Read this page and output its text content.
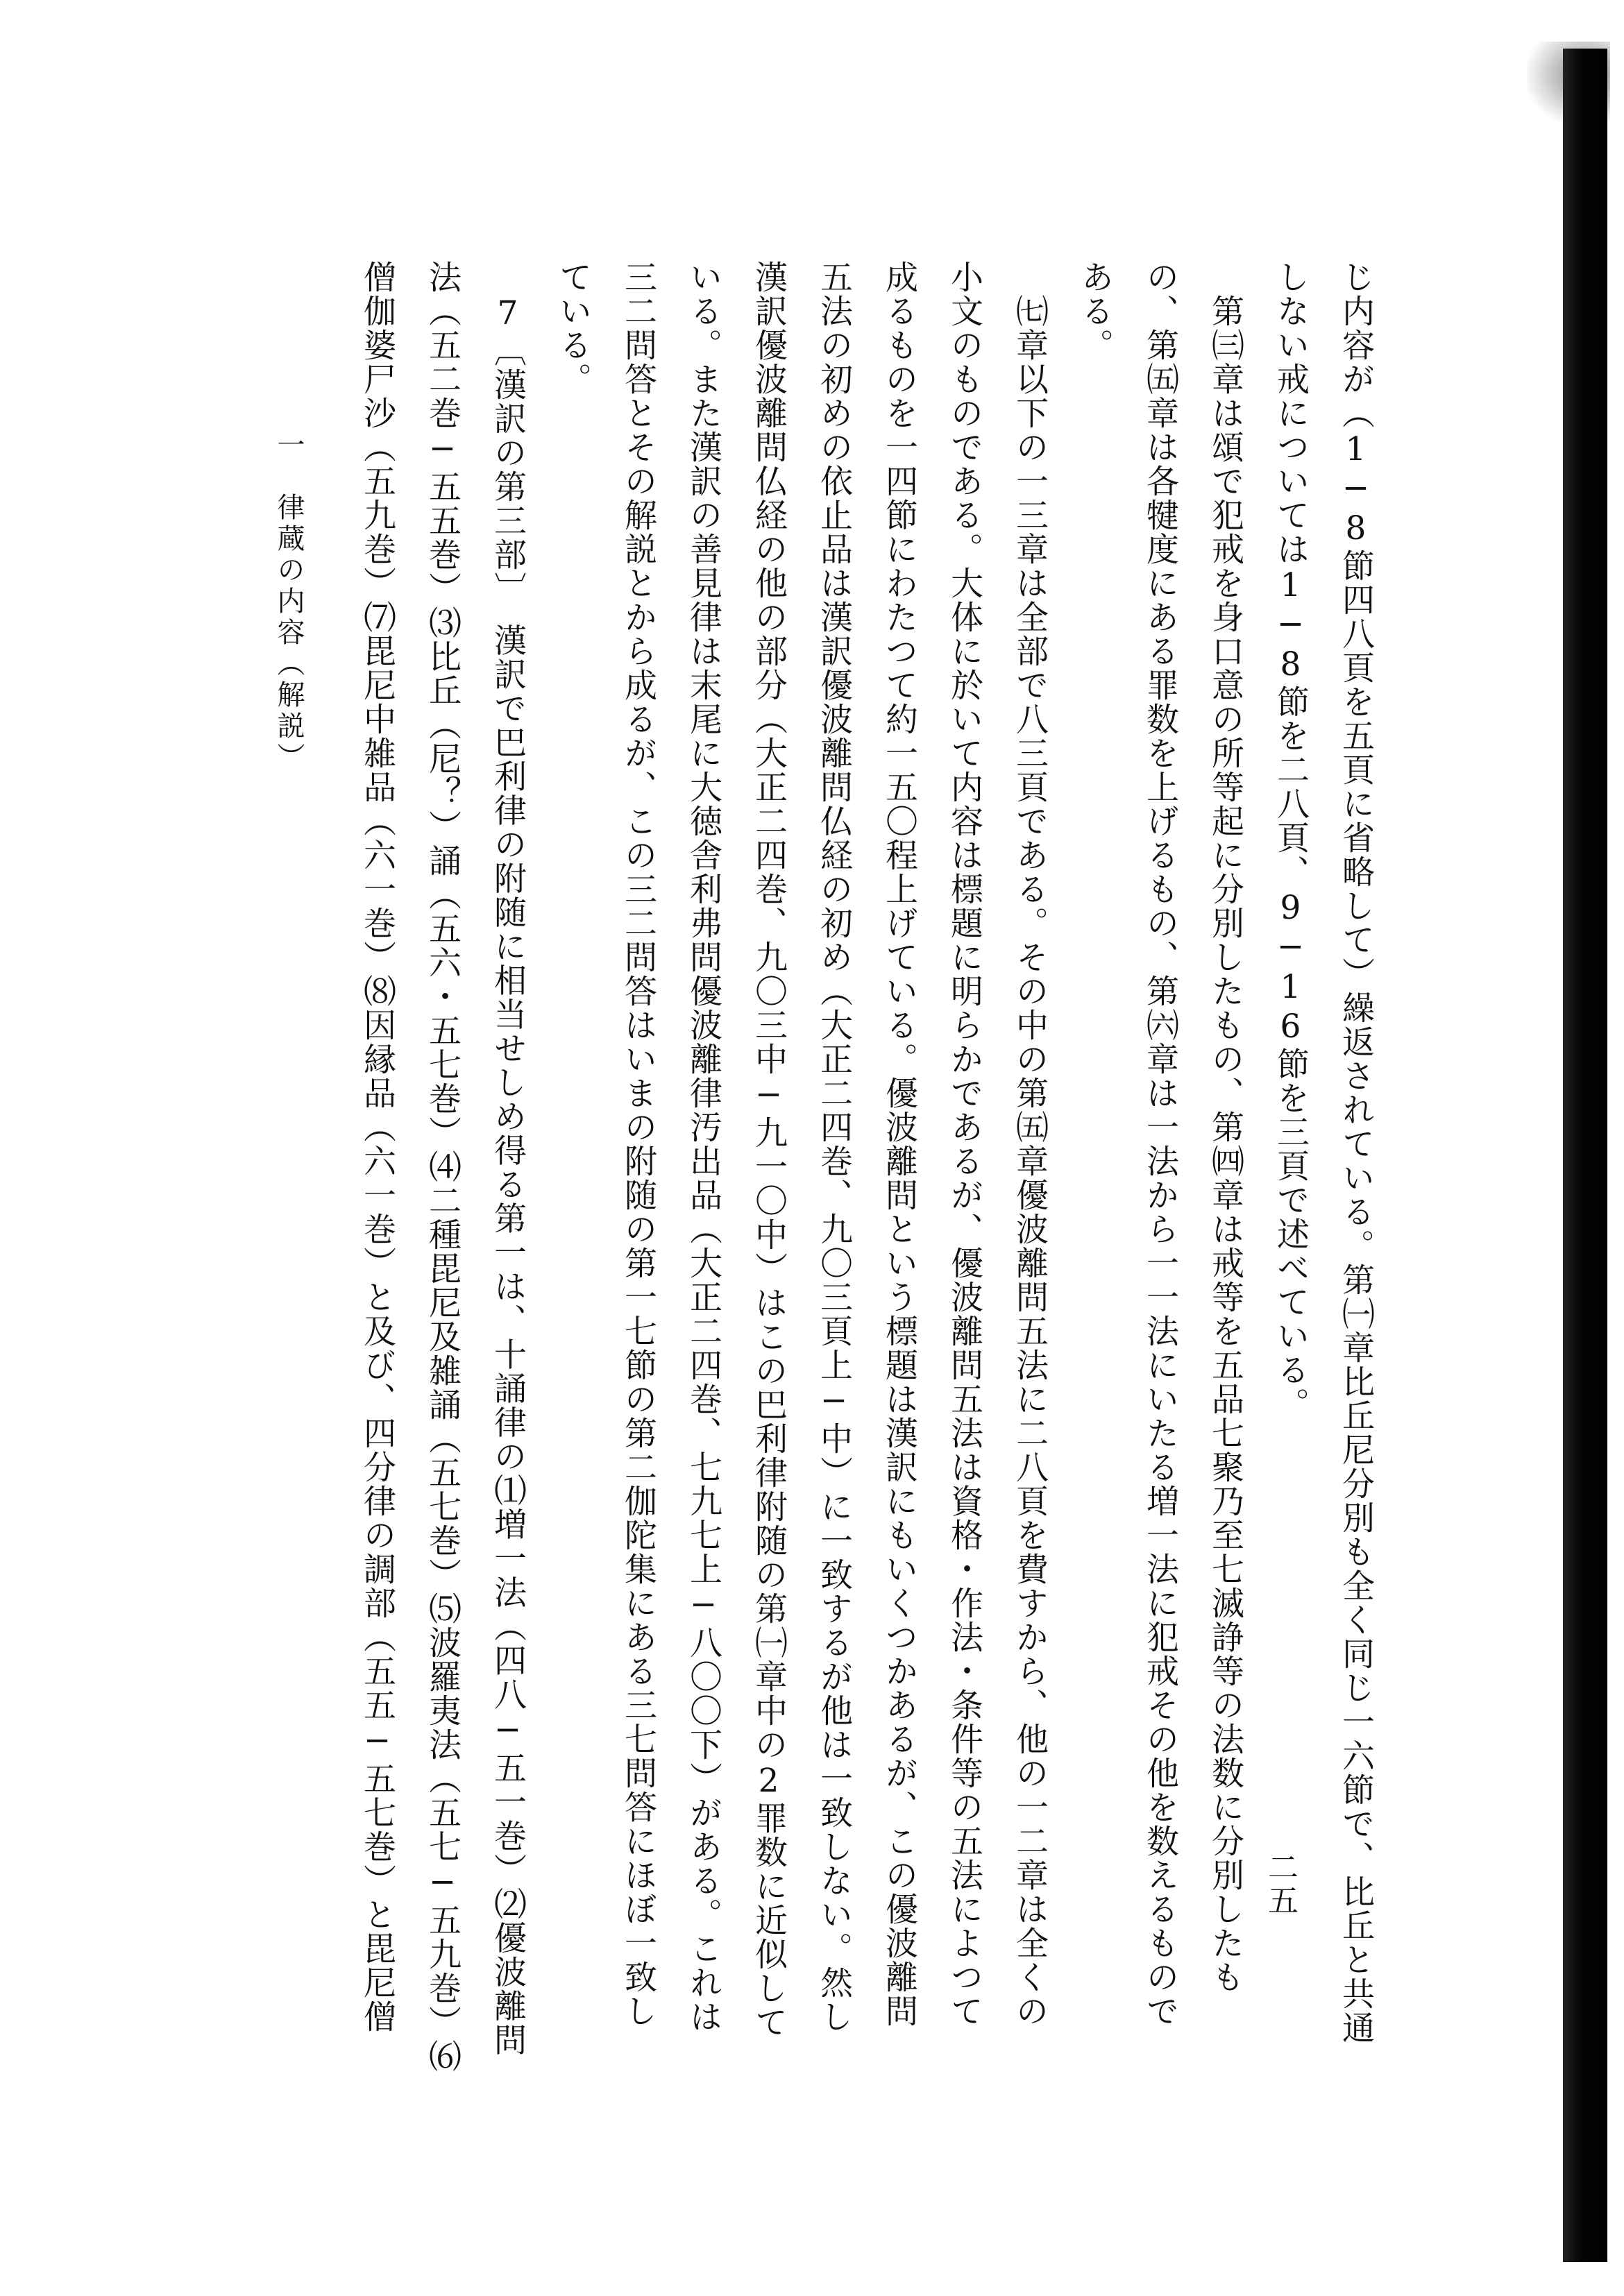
じ内容が（1─8節四八頁を五頁に省略して）繰返されている。第㈠章比丘尼分別も全く同じ一六節で、比丘と共通

しない戒については1─8節を二八頁、9─16節を三頁で述べている。

　第㈢章は頌で犯戒を身口意の所等起に分別したもの、第㈣章は戒等を五品七聚乃至七滅諍等の法数に分別したも

の、第㈤章は各犍度にある罪数を上げるもの、第㈥章は一法から一一法にいたる増一法に犯戒その他を数えるもので

ある。

　㈦章以下の一三章は全部で八三頁である。その中の第㈤章優波離問五法に二八頁を費すから、他の一二章は全くの

小文のものである。大体に於いて内容は標題に明らかであるが、優波離問五法は資格・作法・条件等の五法によつて

成るものを一四節にわたつて約一五〇程上げている。優波離問という標題は漢訳にもいくつかあるが、この優波離問

五法の初めの依止品は漢訳優波離問仏経の初め（大正二四巻、九〇三頁上─中）に一致するが他は一致しない。然し

漢訳優波離問仏経の他の部分（大正二四巻、九〇三中─九一〇中）はこの巴利律附随の第㈠章中の2罪数に近似して

いる。また漢訳の善見律は末尾に大徳舎利弗問優波離律汚出品（大正二四巻、七九七上─八〇〇下）がある。これは

三二問答とその解説とから成るが、この三二問答はいまの附随の第一七節の第二伽陀集にある三七問答にほぼ一致し

ている。

　7〔漢訳の第三部〕　漢訳で巴利律の附随に相当せしめ得る第一は、十誦律の⑴増一法（四八─五一巻）⑵優波離問

法（五二巻─五五巻）⑶比丘（尼？）誦（五六・五七巻）⑷二種毘尼及雑誦（五七巻）⑸波羅夷法（五七─五九巻）⑹

僧伽婆尸沙（五九巻）⑺毘尼中雑品（六一巻）⑻因縁品（六一巻）と及び、四分律の調部（五五─五七巻）と毘尼僧

一　律蔵の内容（解説）
二五
